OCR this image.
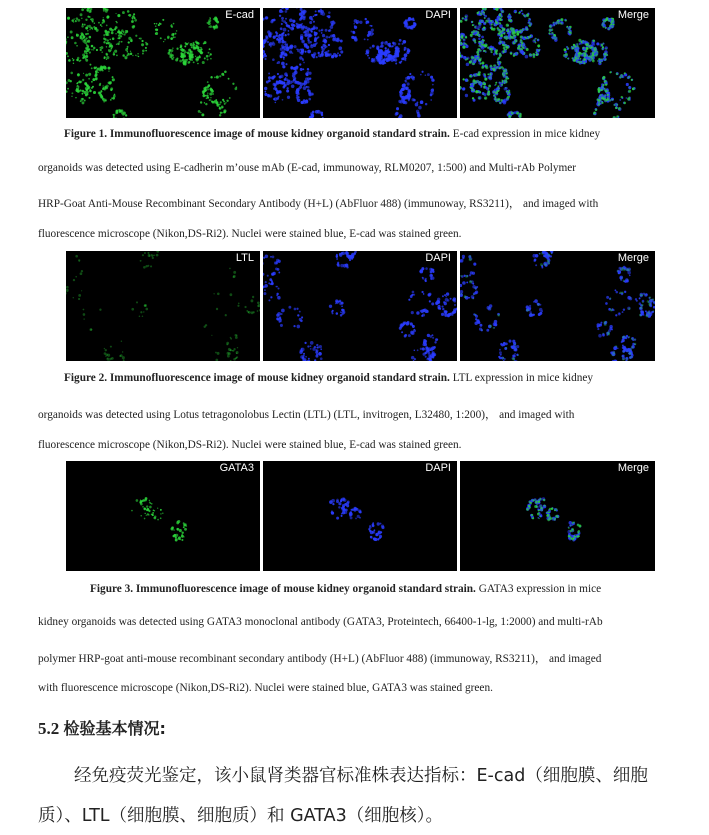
E-cad	DAPI	Merge
Figure 1. Immunofluorescence image of mouse kidney organoid standard strain. E-cad expression in mice kidney
organoids was detected using E-cadherin m’ouse mAb (E-cad, immunoway, RLM0207, 1:500) and Multi-rAb Polymer
HRP-Goat Anti-Mouse Recombinant Secondary Antibody (H+L) (AbFluor 488) (immunoway, RS3211)， and imaged with
fluorescence microscope (Nikon,DS-Ri2). Nuclei were stained blue, E-cad was stained green.
LTL	DAPI	Merge
Figure 2. Immunofluorescence image of mouse kidney organoid standard strain. LTL expression in mice kidney
organoids was detected using Lotus tetragonolobus Lectin (LTL) (LTL, invitrogen, L32480, 1:200)， and imaged with
fluorescence microscope (Nikon,DS-Ri2). Nuclei were stained blue, E-cad was stained green.
GATA3	DAPI	Merge
Figure 3. Immunofluorescence image of mouse kidney organoid standard strain. GATA3 expression in mice
kidney organoids was detected using GATA3 monoclonal antibody (GATA3, Proteintech, 66400-1-lg, 1:2000) and multi-rAb
polymer HRP-goat anti-mouse recombinant secondary antibody (H+L) (AbFluor 488) (immunoway, RS3211)， and imaged
with fluorescence microscope (Nikon,DS-Ri2). Nuclei were stained blue, GATA3 was stained green.
5.2 检验基本情况:
经免疫荧光鉴定，该小鼠肾类器官标准株表达指标：E-cad（细胞膜、细胞
质）、LTL（细胞膜、细胞质）和 GATA3（细胞核）。
